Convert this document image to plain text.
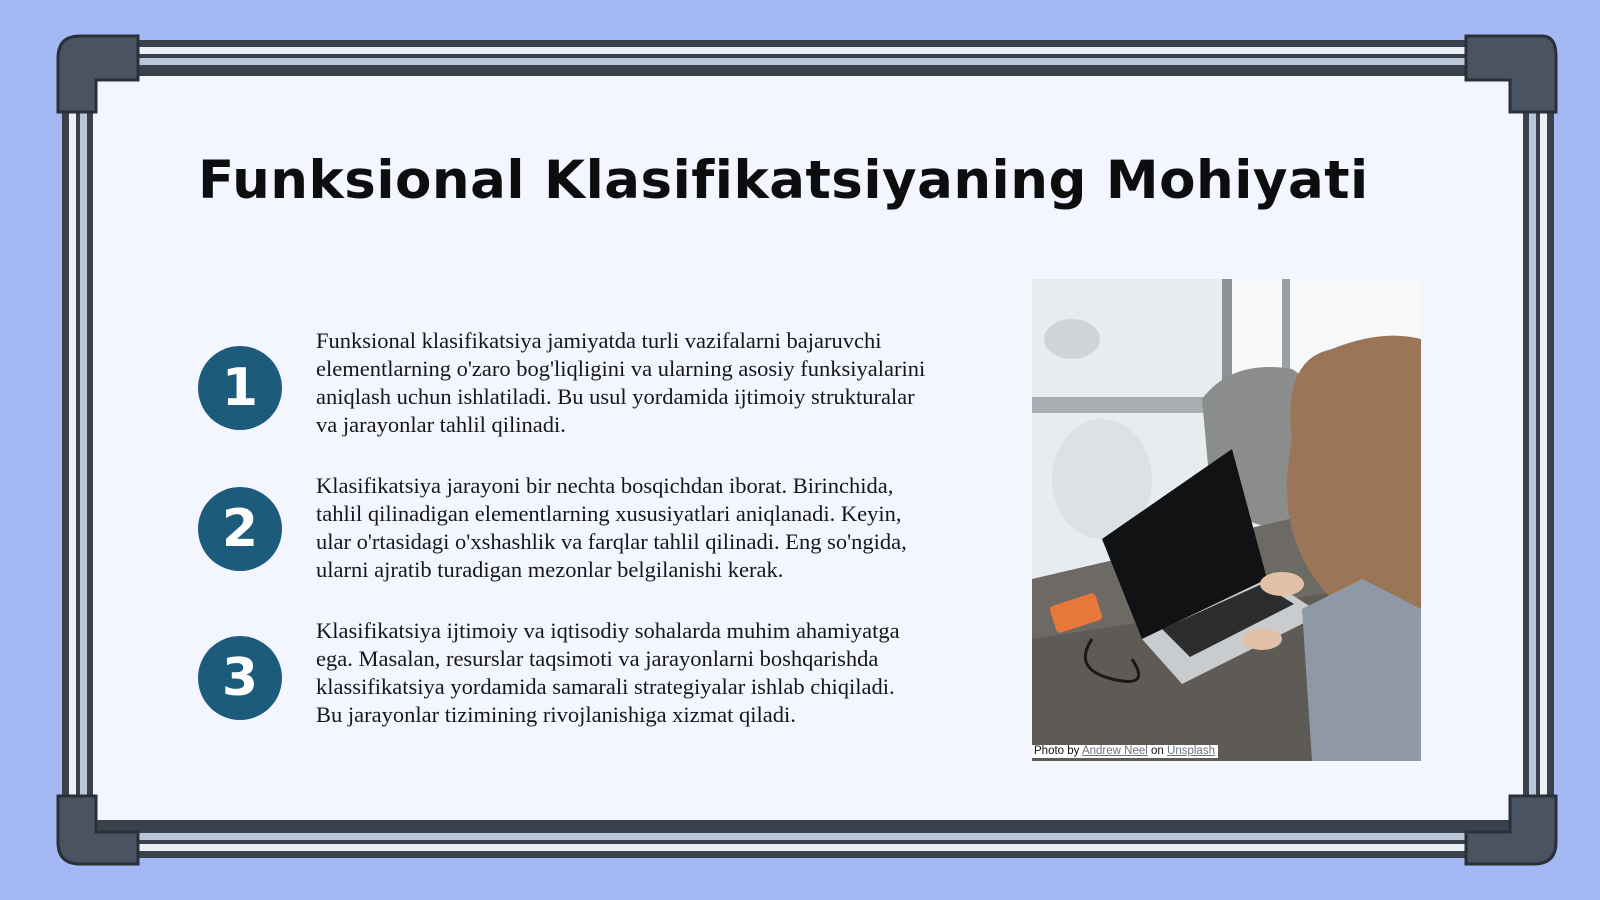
Funksional Klasifikatsiyaning Mohiyati
1
Funksional klasifikatsiya jamiyatda turli vazifalarni bajaruvchi elementlarning o'zaro bog'liqligini va ularning asosiy funksiyalarini aniqlash uchun ishlatiladi. Bu usul yordamida ijtimoiy strukturalar va jarayonlar tahlil qilinadi.
2
Klasifikatsiya jarayoni bir nechta bosqichdan iborat. Birinchida, tahlil qilinadigan elementlarning xususiyatlari aniqlanadi. Keyin, ular o'rtasidagi o'xshashlik va farqlar tahlil qilinadi. Eng so'ngida, ularni ajratib turadigan mezonlar belgilanishi kerak.
3
Klasifikatsiya ijtimoiy va iqtisodiy sohalarda muhim ahamiyatga ega. Masalan, resurslar taqsimoti va jarayonlarni boshqarishda klassifikatsiya yordamida samarali strategiyalar ishlab chiqiladi. Bu jarayonlar tizimining rivojlanishiga xizmat qiladi.
Photo by Andrew Neel on Unsplash
